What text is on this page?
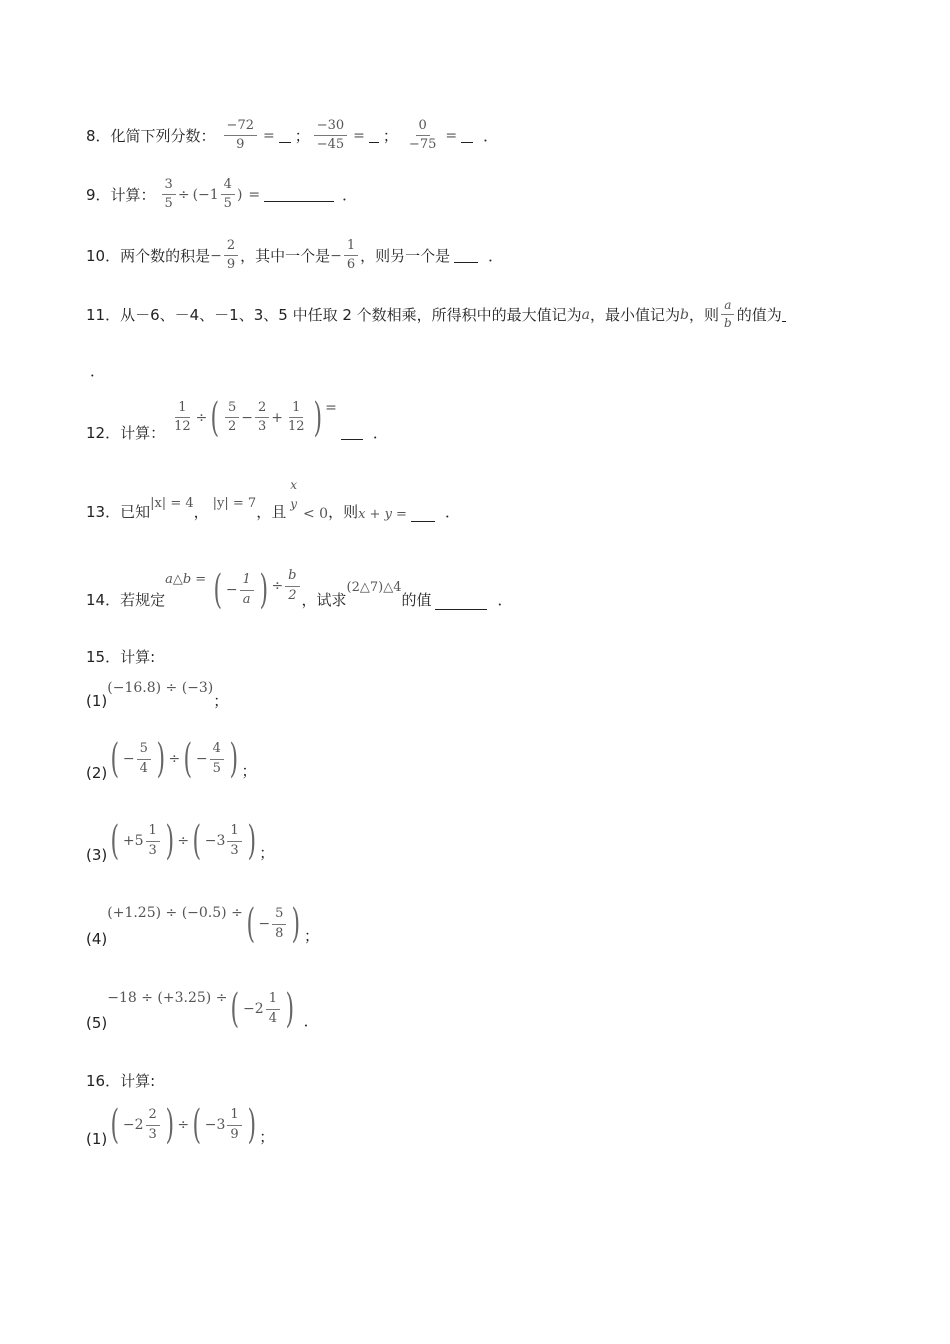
8．化简下列分数： $\frac{-72}{9}$ = ； $\frac{-30}{-45}$ = ； $\frac{0}{-75}$ = ．
9．计算： $\frac{3}{5}$ ÷ ( $-1 \frac{4}{5}$ ) =	．
10．两个数的积是 − $\frac{2}{9}$ ，其中一个是 − $\frac{1}{6}$ ，则另一个是	．
11．从－6、－4、－1、3、5 中任取 2 个数相乘，所得积中的最大值记为 a ，最小值记为 b ，则 $\frac{a}{b}$ 的值为
．
12．计算： $\frac{1}{12}$ ÷ ( $\frac{5}{2} - \frac{2}{3} + \frac{1}{12}$ ) =
．
13．已知 |x| = 4 ， |y| = 7 ，且
x
y
< 0 ，则 x + y =	．
14．若规定
a△b = ( − $\frac{1}{a}$ ) ÷ $\frac{b}{2}$ ，试求
(2△7)△4
的值	．
15．计算:
(1)
(−16.8) ÷ (−3)
；
(2) ( − $\frac{5}{4}$ ) ÷ ( − $\frac{4}{5}$ ) ；
(3) ( $+5 \frac{1}{3}$ ) ÷ ( $-3 \frac{1}{3}$ ) ；
(4)
(+1.25) ÷ (−0.5) ÷ ( − $\frac{5}{8}$ ) ；
(5)
−18 ÷ (+3.25) ÷ ( $-2 \frac{1}{4}$ ) ．
16．计算:
(1) ( $-2 \frac{2}{3}$ ) ÷ ( $-3 \frac{1}{9}$ ) ；
